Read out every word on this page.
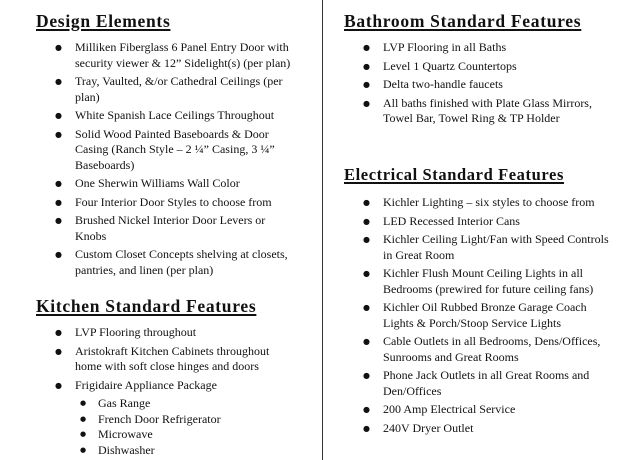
Design Elements
● Milliken Fiberglass 6 Panel Entry Door with security viewer & 12” Sidelight(s) (per plan)
● Tray, Vaulted, &/or Cathedral Ceilings (per plan)
● White Spanish Lace Ceilings Throughout
● Solid Wood Painted Baseboards & Door Casing (Ranch Style – 2 ¼” Casing, 3 ¼” Baseboards)
● One Sherwin Williams Wall Color
● Four Interior Door Styles to choose from
● Brushed Nickel Interior Door Levers or Knobs
● Custom Closet Concepts shelving at closets, pantries, and linen (per plan)
Kitchen Standard Features
● LVP Flooring throughout
● Aristokraft Kitchen Cabinets throughout home with soft close hinges and doors
● Frigidaire Appliance Package
● Gas Range
● French Door Refrigerator
● Microwave
● Dishwasher
Bathroom Standard Features
● LVP Flooring in all Baths
● Level 1 Quartz Countertops
● Delta two-handle faucets
● All baths finished with Plate Glass Mirrors, Towel Bar, Towel Ring & TP Holder
Electrical Standard Features
● Kichler Lighting – six styles to choose from
● LED Recessed Interior Cans
● Kichler Ceiling Light/Fan with Speed Controls in Great Room
● Kichler Flush Mount Ceiling Lights in all Bedrooms (prewired for future ceiling fans)
● Kichler Oil Rubbed Bronze Garage Coach Lights & Porch/Stoop Service Lights
● Cable Outlets in all Bedrooms, Dens/Offices, Sunrooms and Great Rooms
● Phone Jack Outlets in all Great Rooms and Den/Offices
● 200 Amp Electrical Service
● 240V Dryer Outlet
